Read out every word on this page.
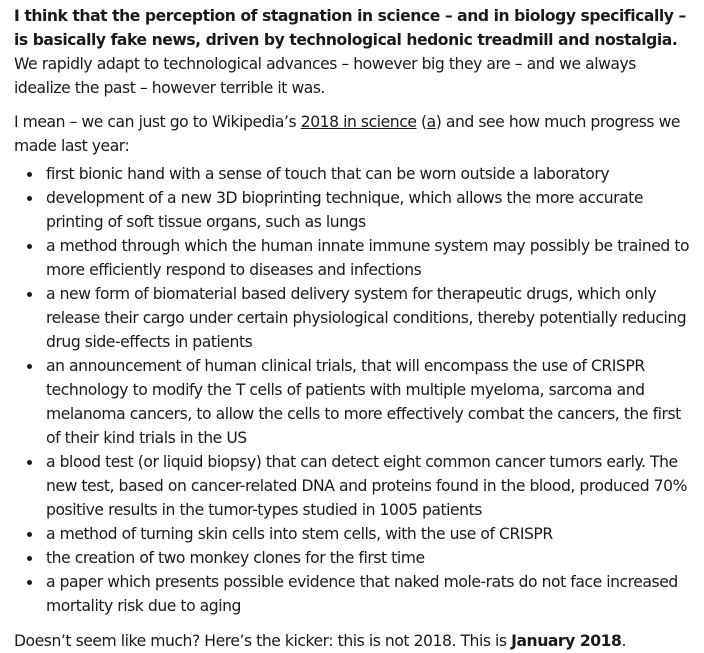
I think that the perception of stagnation in science – and in biology specifically – is basically fake news, driven by technological hedonic treadmill and nostalgia. We rapidly adapt to technological advances – however big they are – and we always idealize the past – however terrible it was.

I mean – we can just go to Wikipedia’s 2018 in science (a) and see how much progress we made last year:

first bionic hand with a sense of touch that can be worn outside a laboratory
development of a new 3D bioprinting technique, which allows the more accurate printing of soft tissue organs, such as lungs
a method through which the human innate immune system may possibly be trained to more efficiently respond to diseases and infections
a new form of biomaterial based delivery system for therapeutic drugs, which only release their cargo under certain physiological conditions, thereby potentially reducing drug side-effects in patients
an announcement of human clinical trials, that will encompass the use of CRISPR technology to modify the T cells of patients with multiple myeloma, sarcoma and melanoma cancers, to allow the cells to more effectively combat the cancers, the first of their kind trials in the US
a blood test (or liquid biopsy) that can detect eight common cancer tumors early. The new test, based on cancer-related DNA and proteins found in the blood, produced 70% positive results in the tumor-types studied in 1005 patients
a method of turning skin cells into stem cells, with the use of CRISPR
the creation of two monkey clones for the first time
a paper which presents possible evidence that naked mole-rats do not face increased mortality risk due to aging

Doesn’t seem like much? Here’s the kicker: this is not 2018. This is January 2018.
